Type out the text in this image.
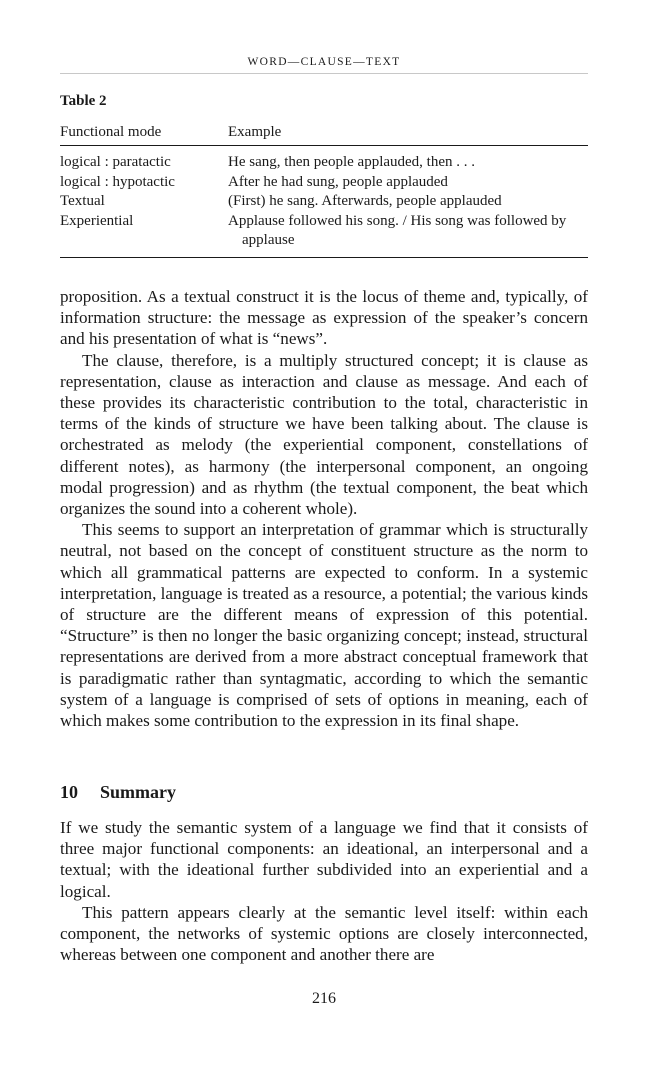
WORD—CLAUSE—TEXT
Table 2
Functional mode	Example
logical : paratactic	He sang, then people applauded, then . . .
logical : hypotactic	After he had sung, people applauded
Textual	(First) he sang. Afterwards, people applauded
Experiential	Applause followed his song. / His song was followed by applause

proposition. As a textual construct it is the locus of theme and, typically, of information structure: the message as expression of the speaker’s concern and his presentation of what is “news”.

The clause, therefore, is a multiply structured concept; it is clause as representation, clause as interaction and clause as message. And each of these provides its characteristic contribution to the total, characteristic in terms of the kinds of structure we have been talking about. The clause is orchestrated as melody (the experiential component, constellations of different notes), as harmony (the interpersonal component, an ongoing modal progression) and as rhythm (the textual component, the beat which organizes the sound into a coherent whole).

This seems to support an interpretation of grammar which is structurally neutral, not based on the concept of constituent structure as the norm to which all grammatical patterns are expected to conform. In a systemic interpretation, language is treated as a resource, a potential; the various kinds of structure are the different means of expression of this potential. “Structure” is then no longer the basic organizing concept; instead, structural representations are derived from a more abstract conceptual framework that is paradigmatic rather than syntagmatic, according to which the semantic system of a language is comprised of sets of options in meaning, each of which makes some contribution to the expression in its final shape.

10 Summary

If we study the semantic system of a language we find that it consists of three major functional components: an ideational, an interpersonal and a textual; with the ideational further subdivided into an experiential and a logical.

This pattern appears clearly at the semantic level itself: within each component, the networks of systemic options are closely interconnected, whereas between one component and another there are

216
